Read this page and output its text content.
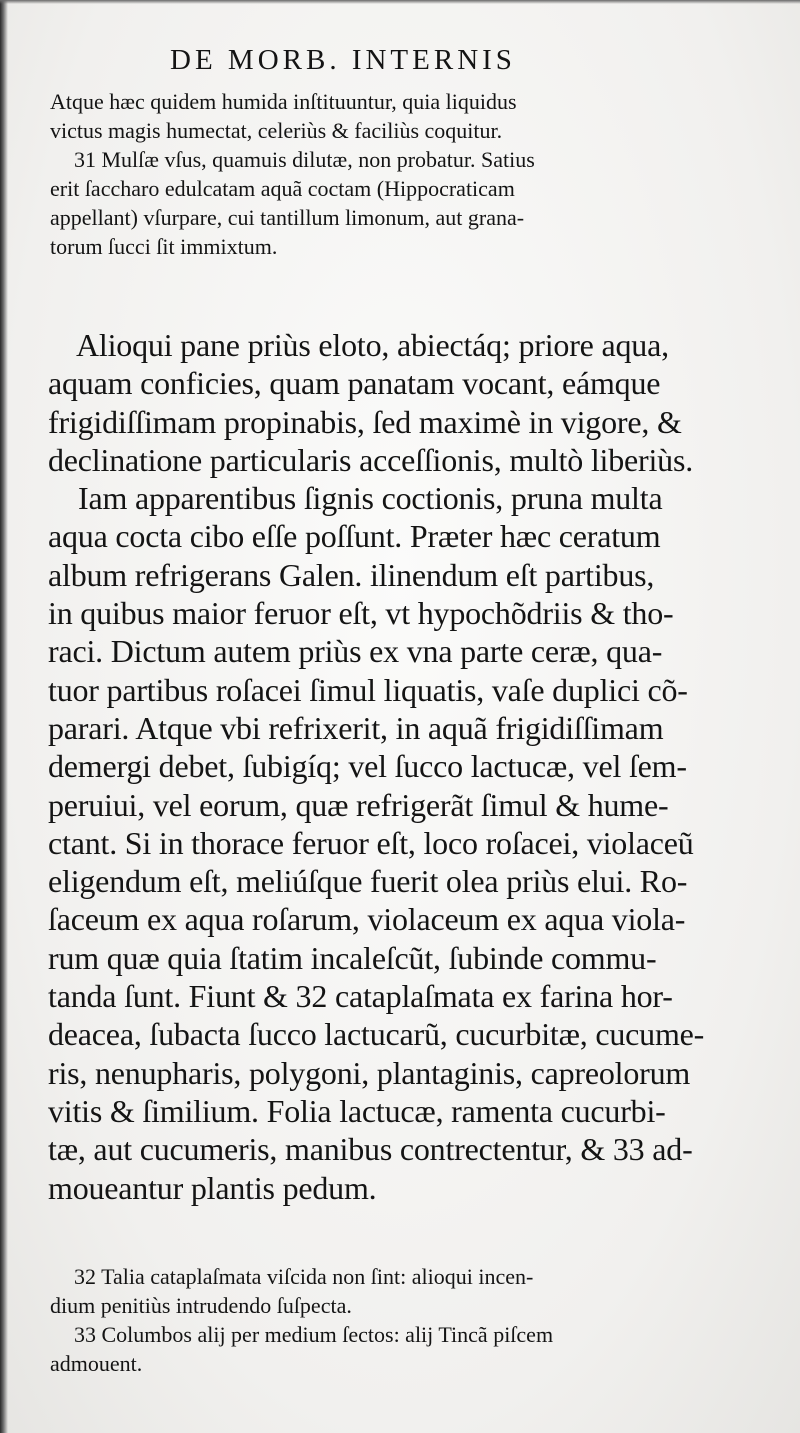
DE MORB. INTERNIS
Atque hæc quidem humida inſtituuntur, quia liquidus
victus magis humectat, celeriùs & faciliùs coquitur.
31 Mulſæ vſus, quamuis dilutæ, non probatur. Satius
erit ſaccharo edulcatam aquã coctam (Hippocraticam
appellant) vſurpare, cui tantillum limonum, aut grana-
torum ſucci ſit immixtum.
Alioqui pane priùs eloto, abiectáq; priore aqua,
aquam conficies, quam panatam vocant, eámque
frigidiſſimam propinabis, ſed maximè in vigore, &
declinatione particularis acceſſionis, multò liberiùs.
Iam apparentibus ſignis coctionis, pruna multa
aqua cocta cibo eſſe poſſunt. Præter hæc ceratum
album refrigerans Galen. ilinendum eſt partibus,
in quibus maior feruor eſt, vt hypochõdriis & tho-
raci. Dictum autem priùs ex vna parte ceræ, qua-
tuor partibus roſacei ſimul liquatis, vaſe duplici cõ-
parari. Atque vbi refrixerit, in aquã frigidiſſimam
demergi debet, ſubigíq; vel ſucco lactucæ, vel ſem-
peruiui, vel eorum, quæ refrigerãt ſimul & hume-
ctant. Si in thorace feruor eſt, loco roſacei, violaceũ
eligendum eſt, meliúſque fuerit olea priùs elui. Ro-
ſaceum ex aqua roſarum, violaceum ex aqua viola-
rum quæ quia ſtatim incaleſcũt, ſubinde commu-
tanda ſunt. Fiunt & 32 cataplaſmata ex farina hor-
deacea, ſubacta ſucco lactucarũ, cucurbitæ, cucume-
ris, nenupharis, polygoni, plantaginis, capreolorum
vitis & ſimilium. Folia lactucæ, ramenta cucurbi-
tæ, aut cucumeris, manibus contrectentur, & 33 ad-
moueantur plantis pedum.
32 Talia cataplaſmata viſcida non ſint: alioqui incen-
dium penitiùs intrudendo ſuſpecta.
33 Columbos alij per medium ſectos: alij Tincã piſcem
admouent.
